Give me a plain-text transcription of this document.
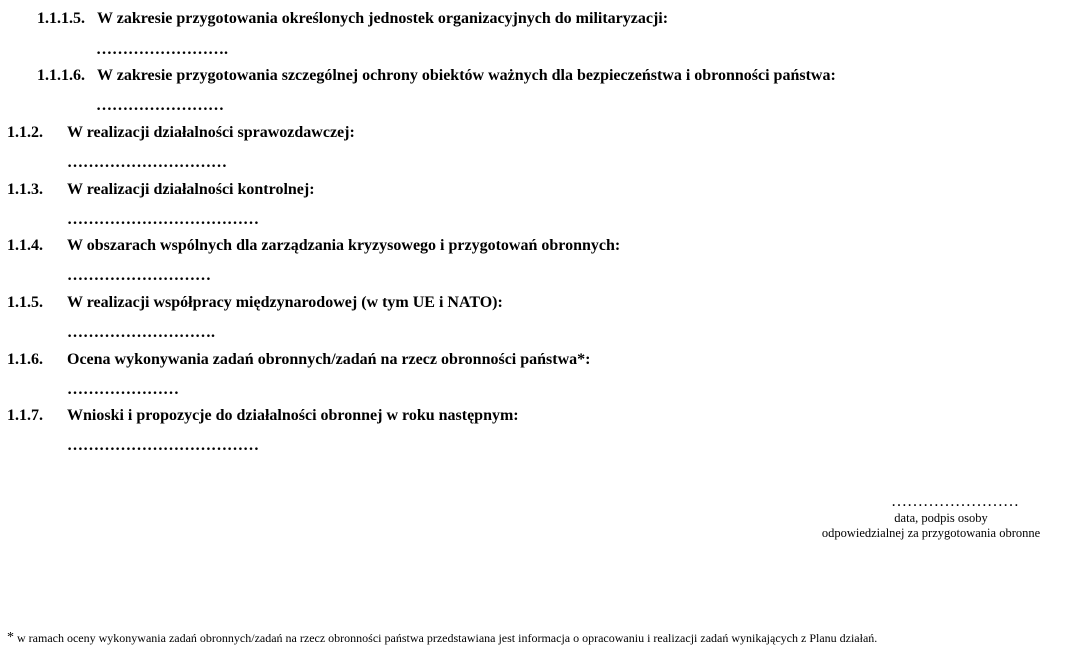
1.1.1.5. W zakresie przygotowania określonych jednostek organizacyjnych do militaryzacji:
…………………….
1.1.1.6. W zakresie przygotowania szczególnej ochrony obiektów ważnych dla bezpieczeństwa i obronności państwa:
……………………
1.1.2. W realizacji działalności sprawozdawczej:
…………………………
1.1.3. W realizacji działalności kontrolnej:
………………………………
1.1.4. W obszarach wspólnych dla zarządzania kryzysowego i przygotowań obronnych:
………………………
1.1.5. W realizacji współpracy międzynarodowej (w tym UE i NATO):
……………………….
1.1.6. Ocena wykonywania zadań obronnych/zadań na rzecz obronności państwa*:
…………………
1.1.7. Wnioski i propozycje do działalności obronnej w roku następnym:
………………………………
……………………
data, podpis osoby
odpowiedzialnej za przygotowania obronne
* w ramach oceny wykonywania zadań obronnych/zadań na rzecz obronności państwa przedstawiana jest informacja o opracowaniu i realizacji zadań wynikających z Planu działań.
